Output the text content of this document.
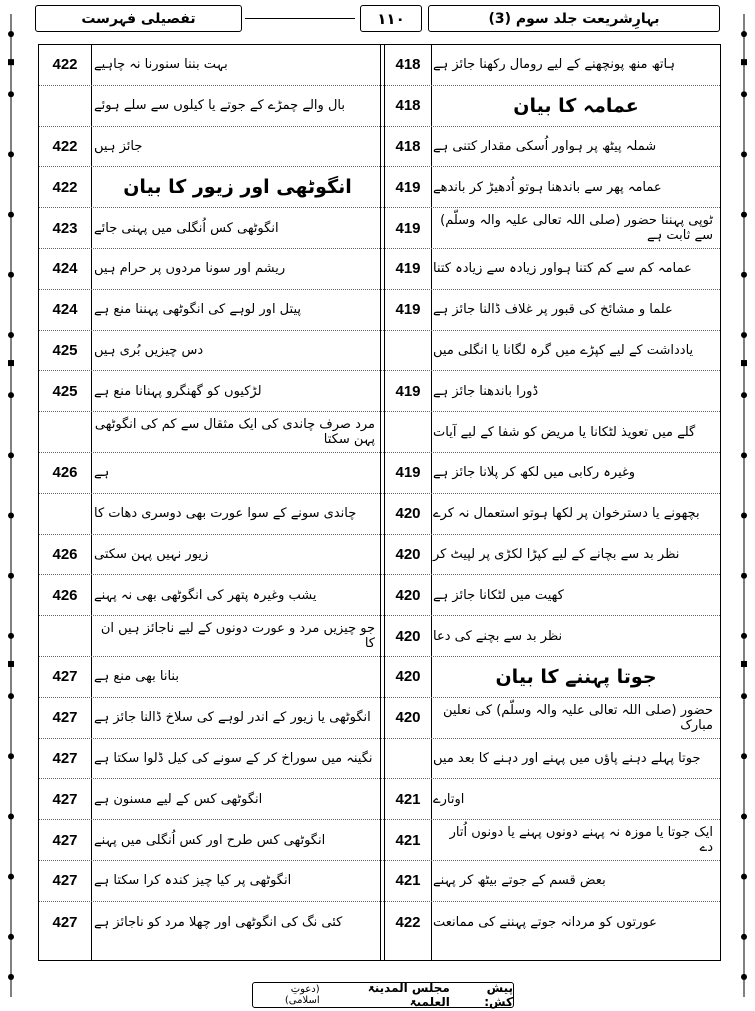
تفصیلی فہرست	١١٠	بہارِشریعت جلد سوم (3)
422	بہت بننا سنورنا نہ چاہیے	418 ہاتھ منھ پونچھنے کے لیے رومال رکھنا جائز ہے
بال والے چمڑے کے جوتے یا کیلوں سے سلے ہوئے	418	عمامہ کا بیان
422	جائز ہیں	418 شملہ پیٹھ پر ہواور اُسکی مقدار کتنی ہے
422	انگوٹھی اور زیور کا بیان	419 عمامہ پھر سے باندھنا ہوتو اُدھیڑ کر باندھے
423	انگوٹھی کس اُنگلی میں پہنی جائے	419	ٹوپی پہننا حضور (صلی اللہ تعالی علیہ والہ وسلّم) سے ثابت ہے
424	ریشم اور سونا مردوں پر حرام ہیں	419 عمامہ کم سے کم کتنا ہواور زیادہ سے زیادہ کتنا
424	پیتل اور لوہے کی انگوٹھی پہننا منع ہے	419 علما و مشائخ کی قبور پر غلاف ڈالنا جائز ہے
425	دس چیزیں بُری ہیں	یادداشت کے لیے کپڑے میں گرہ لگانا یا انگلی میں
425	لڑکیوں کو گھنگرو پہنانا منع ہے	419 ڈورا باندھنا جائز ہے
مرد صرف چاندی کی ایک مثقال سے کم کی انگوٹھی پہن سکتا	گلے میں تعویذ لٹکانا یا مریض کو شفا کے لیے آیات
426	ہے	419 وغیرہ رکابی میں لکھ کر پلانا جائز ہے
چاندی سونے کے سوا عورت بھی دوسری دھات کا	420 بچھونے یا دسترخوان پر لکھا ہوتو استعمال نہ کرے
426	زیور نہیں پہن سکتی	420 نظر بد سے بچانے کے لیے کپڑا لکڑی پر لپیٹ کر
426	یشب وغیرہ پتھر کی انگوٹھی بھی نہ پہنے	420 کھیت میں لٹکانا جائز ہے
جو چیزیں مرد و عورت دونوں کے لیے ناجائز ہیں ان کا	420 نظر بد سے بچنے کی دعا
427	بنانا بھی منع ہے	420	جوتا پہننے کا بیان
427	انگوٹھی یا زیور کے اندر لوہے کی سلاخ ڈالنا جائز ہے	420	حضور (صلی اللہ تعالی علیہ والہ وسلّم) کی نعلین مبارک
427	نگینہ میں سوراخ کر کے سونے کی کیل ڈلوا سکتا ہے	جوتا پہلے دہنے پاؤں میں پہنے اور دہنے کا بعد میں
427	انگوٹھی کس کے لیے مسنون ہے	421 اوتارے
427	انگوٹھی کس طرح اور کس اُنگلی میں پہنے	421	ایک جوتا یا موزہ نہ پہنے دونوں پہنے یا دونوں اُتار دے
427	انگوٹھی پر کیا چیز کندہ کرا سکتا ہے	421 بعض قسم کے جوتے بیٹھ کر پہنے
427	کئی نگ کی انگوٹھی اور چھلا مرد کو ناجائز ہے	422 عورتوں کو مردانہ جوتے پہننے کی ممانعت
پیش کش:
مجلس المدینۃ العلمیۃ
(دعوتِ اسلامی)
